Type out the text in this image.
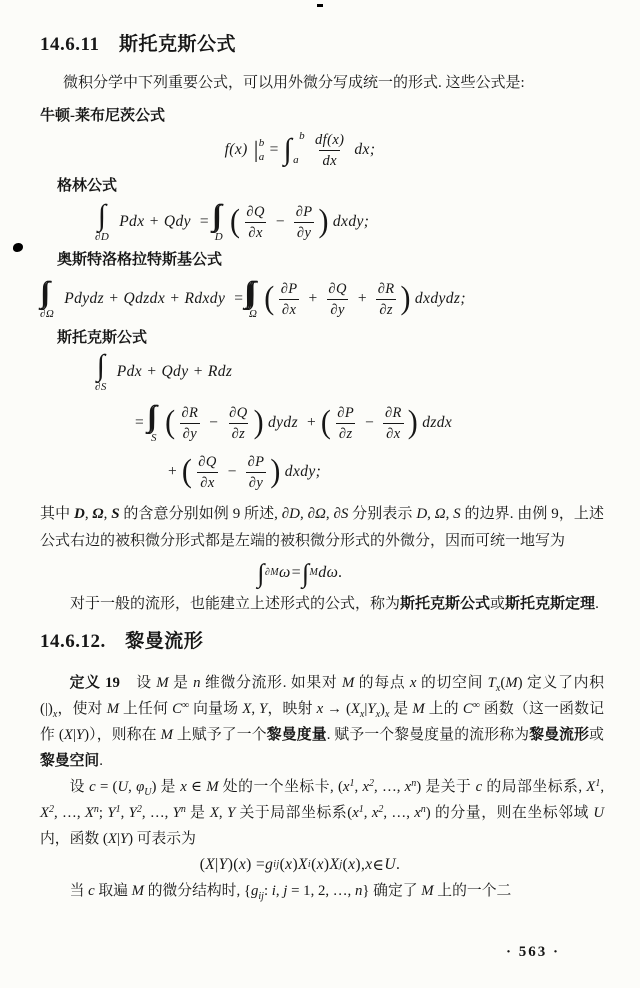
14.6.11　斯托克斯公式

微积分学中下列重要公式，可以用外微分写成统一的形式. 这些公式是:

牛顿-莱布尼茨公式
f(x) | b
a = ∫ b
a $\frac{df(x)}{dx}$ dx;
格林公式
∫
∂D
Pdx + Qdy =
D ( $\frac{\partial Q}{\partial x} - \frac{\partial P}{\partial y}$ ) dxdy;
奥斯特洛格拉特斯基公式
∂Ω
Pdydz + Qdzdx + Rdxdy =
Ω ( $\frac{\partial P}{\partial x} + \frac{\partial Q}{\partial y} + \frac{\partial R}{\partial z}$ ) dxdydz;
斯托克斯公式
∫
∂S
Pdx + Qdy + Rdz
=
S ( $\frac{\partial R}{\partial y} - \frac{\partial Q}{\partial z}$ ) dydz + ( $\frac{\partial P}{\partial z} - \frac{\partial R}{\partial x}$ ) dzdx
+ ( $\frac{\partial Q}{\partial x} - \frac{\partial P}{\partial y}$ ) dxdy;

其中 D, Ω, S 的含意分别如例 9 所述, ∂D, ∂Ω, ∂S 分别表示 D, Ω, S 的边界. 由例 9，上述公式右边的被积微分形式都是左端的被积微分形式的外微分，因而可统一地写为

∫ ∂M ω = ∫ M dω .

对于一般的流形，也能建立上述形式的公式，称为斯托克斯公式或斯托克斯定理.

14.6.12.　黎曼流形

定义 19　设 M 是 n 维微分流形. 如果对 M 的每点 x 的切空间 $T_x(M)$ 定义了内积 $(|)_x$，使对 M 上任何 C∞ 向量场 X, Y，映射 $x \to (X_x|Y_x)_x$ 是 M 上的 C∞ 函数（这一函数记作 (X|Y)），则称在 M 上赋予了一个黎曼度量. 赋予一个黎曼度量的流形称为黎曼流形或黎曼空间.

设 c = (U, $\varphi_U$) 是 x ∈ M 处的一个坐标卡, ($x^1$, $x^2$, …, $x^n$) 是关于 c 的局部坐标系, $X^1$, $X^2$, …, $X^n$; $Y^1$, $Y^2$, …, $Y^n$ 是 X, Y 关于局部坐标系($x^1$, $x^2$, …, $x^n$) 的分量，则在坐标邻域 U 内，函数 (X|Y) 可表示为

( X | Y )( x ) = g ij ( x ) X i ( x ) X j ( x ), x ∈ U .

当 c 取遍 M 的微分结构时, {$g_{ij}$: i, j = 1, 2, …, n} 确定了 M 上的一个二

· 563 ·
